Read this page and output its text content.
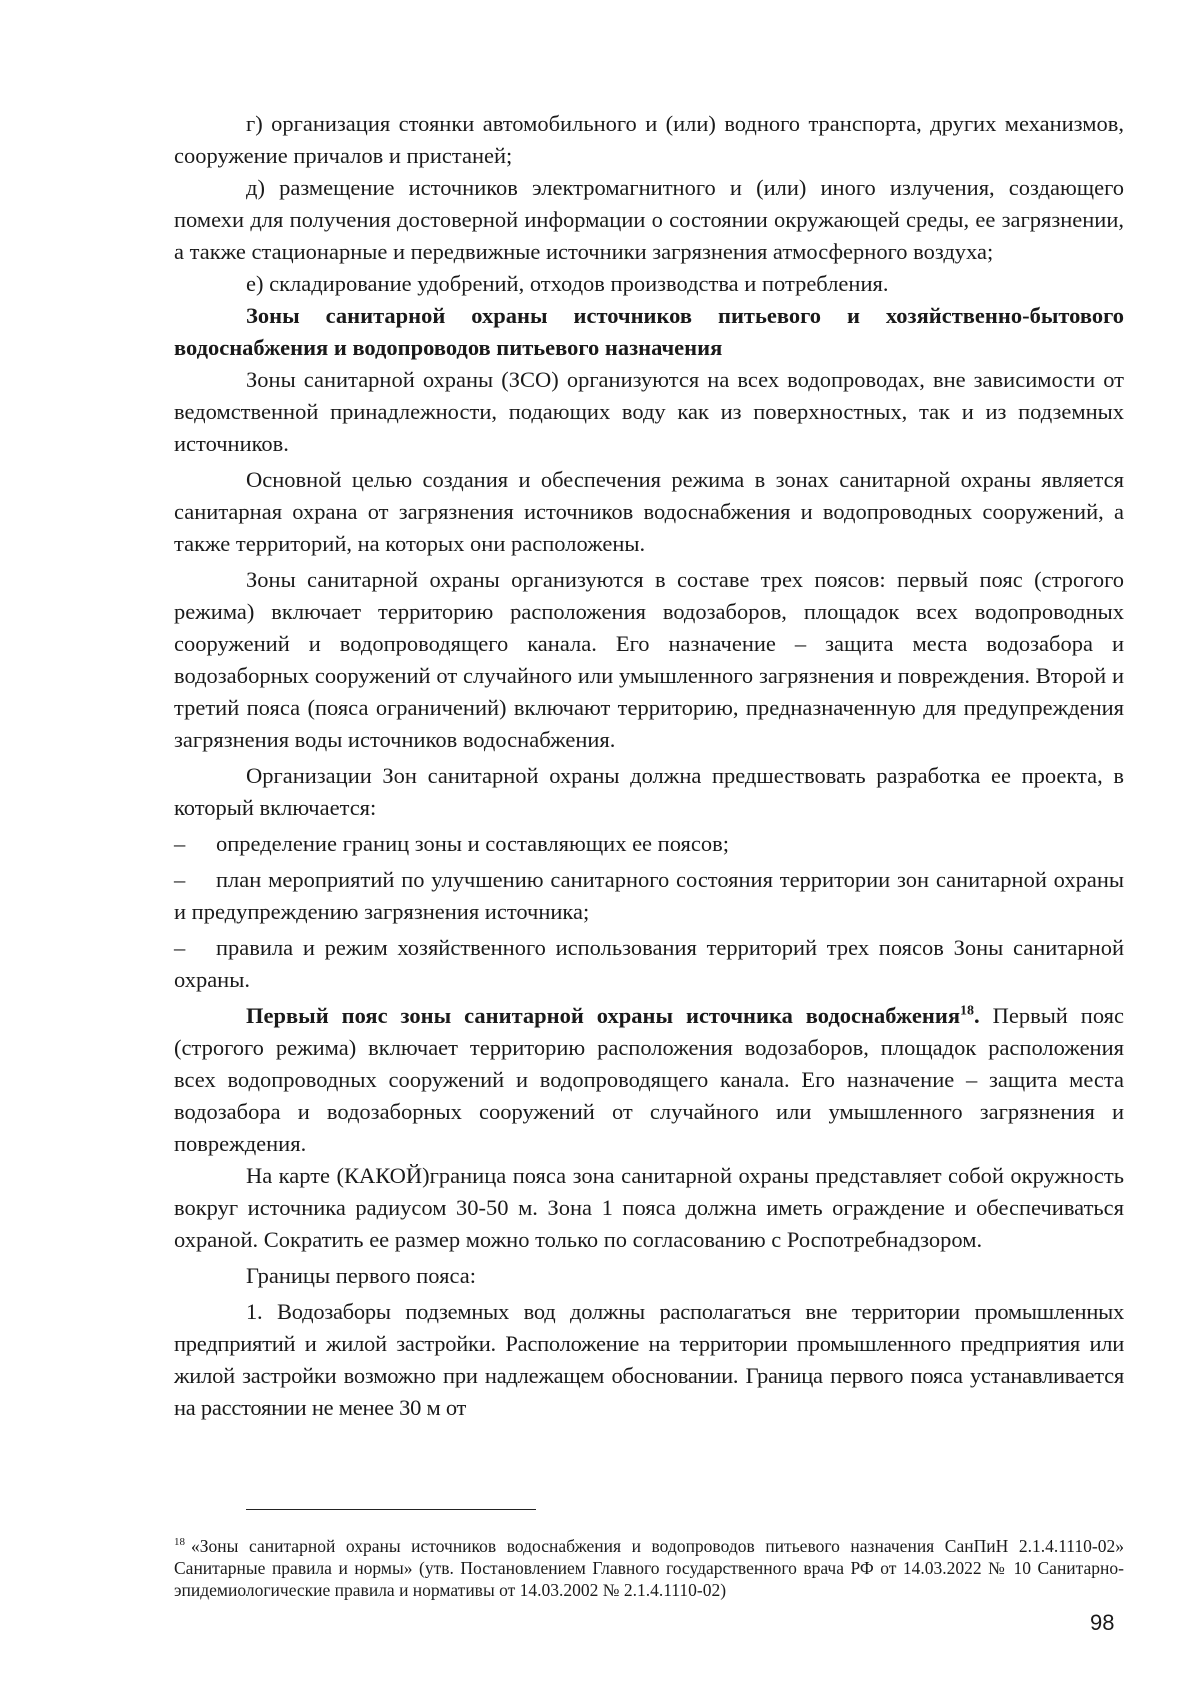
г) организация стоянки автомобильного и (или) водного транспорта, других механизмов, сооружение причалов и пристаней;

д) размещение источников электромагнитного и (или) иного излучения, создающего помехи для получения достоверной информации о состоянии окружающей среды, ее загрязнении, а также стационарные и передвижные источники загрязнения атмосферного воздуха;

е) складирование удобрений, отходов производства и потребления.

Зоны санитарной охраны источников питьевого и хозяйственно-бытового водоснабжения и водопроводов питьевого назначения

Зоны санитарной охраны (ЗСО) организуются на всех водопроводах, вне зависимости от ведомственной принадлежности, подающих воду как из поверхностных, так и из подземных источников.

Основной целью создания и обеспечения режима в зонах санитарной охраны является санитарная охрана от загрязнения источников водоснабжения и водопроводных сооружений, а также территорий, на которых они расположены.

Зоны санитарной охраны организуются в составе трех поясов: первый пояс (строгого режима) включает территорию расположения водозаборов, площадок всех водопроводных сооружений и водопроводящего канала. Его назначение – защита места водозабора и водозаборных сооружений от случайного или умышленного загрязнения и повреждения. Второй и третий пояса (пояса ограничений) включают территорию, предназначенную для предупреждения загрязнения воды источников водоснабжения.

Организации Зон санитарной охраны должна предшествовать разработка ее проекта, в который включается:

– определение границ зоны и составляющих ее поясов;

– план мероприятий по улучшению санитарного состояния территории зон санитарной охраны и предупреждению загрязнения источника;

– правила и режим хозяйственного использования территорий трех поясов Зоны санитарной охраны.

Первый пояс зоны санитарной охраны источника водоснабжения$^{18}$. Первый пояс (строгого режима) включает территорию расположения водозаборов, площадок расположения всех водопроводных сооружений и водопроводящего канала. Его назначение – защита места водозабора и водозаборных сооружений от случайного или умышленного загрязнения и повреждения.

На карте (КАКОЙ)граница пояса зона санитарной охраны представляет собой окружность вокруг источника радиусом 30-50 м. Зона 1 пояса должна иметь ограждение и обеспечиваться охраной. Сократить ее размер можно только по согласованию с Роспотребнадзором.

Границы первого пояса:

1. Водозаборы подземных вод должны располагаться вне территории промышленных предприятий и жилой застройки. Расположение на территории промышленного предприятия или жилой застройки возможно при надлежащем обосновании. Граница первого пояса устанавливается на расстоянии не менее 30 м от

$^{18}$ «Зоны санитарной охраны источников водоснабжения и водопроводов питьевого назначения СанПиН 2.1.4.1110-02» Санитарные правила и нормы» (утв. Постановлением Главного государственного врача РФ от 14.03.2022 № 10 Санитарно-эпидемиологические правила и нормативы от 14.03.2002 № 2.1.4.1110-02)

98
